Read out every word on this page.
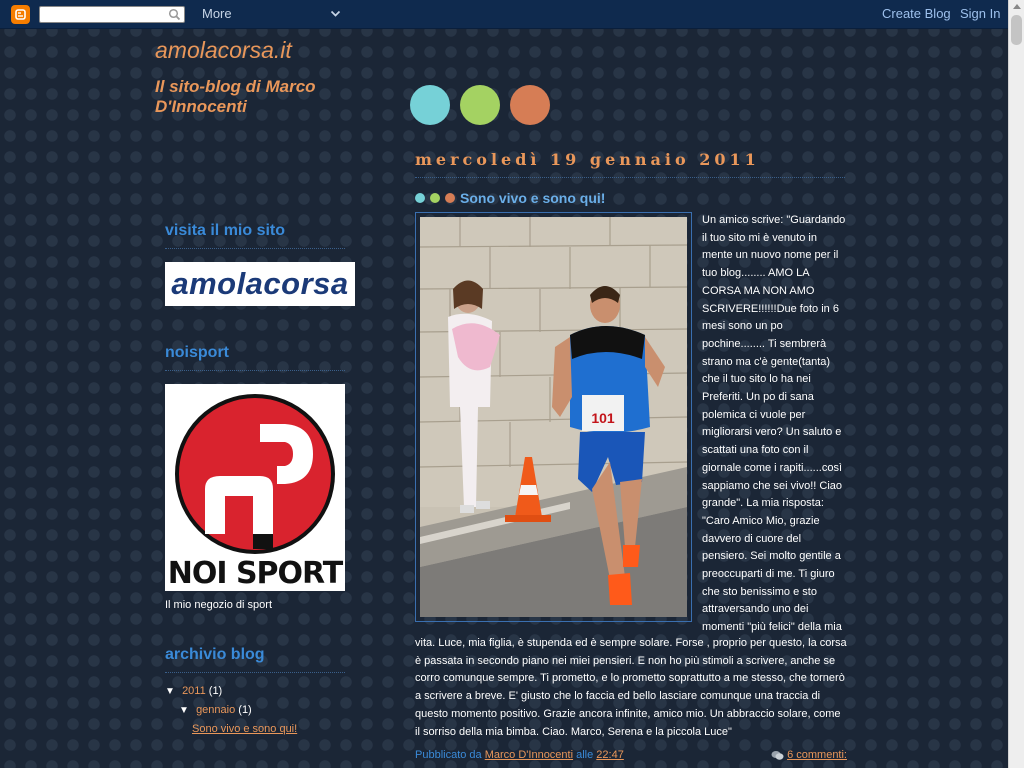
More	Create Blog Sign In
amolacorsa.it
Il sito-blog di Marco D'Innocenti
visita il mio sito
amolacorsa
noisport
NOI SPORT
Il mio negozio di sport
archivio blog
▼ 2011 (1)
▼ gennaio (1)
Sono vivo e sono qui!
mercoledì 19 gennaio 2011
Sono vivo e sono qui!
101
Un amico scrive: "Guardando il tuo sito mi è venuto in mente un nuovo nome per il tuo blog........ AMO LA CORSA MA NON AMO SCRIVERE!!!!!!Due foto in 6 mesi sono un po pochine........ Ti sembrerà strano ma c'è gente(tanta) che il tuo sito lo ha nei Preferiti. Un po di sana polemica ci vuole per migliorarsi vero? Un saluto e scattati una foto con il giornale come i rapiti......così sappiamo che sei vivo!! Ciao grande". La mia risposta: "Caro Amico Mio, grazie davvero di cuore del pensiero. Sei molto gentile a preoccuparti di me. Ti giuro che sto benissimo e sto attraversando uno dei momenti "più felici" della mia
vita. Luce, mia figlia, è stupenda ed è sempre solare. Forse , proprio per questo, la corsa è passata in secondo piano nei miei pensieri. E non ho più stimoli a scrivere, anche se corro comunque sempre. Ti prometto, e lo prometto soprattutto a me stesso, che tornerò a scrivere a breve. E' giusto che lo faccia ed bello lasciare comunque una traccia di questo momento positivo. Grazie ancora infinite, amico mio. Un abbraccio solare, come il sorriso della mia bimba. Ciao. Marco, Serena e la piccola Luce"
Pubblicato da Marco D'Innocenti alle 22:47	6 commenti:
